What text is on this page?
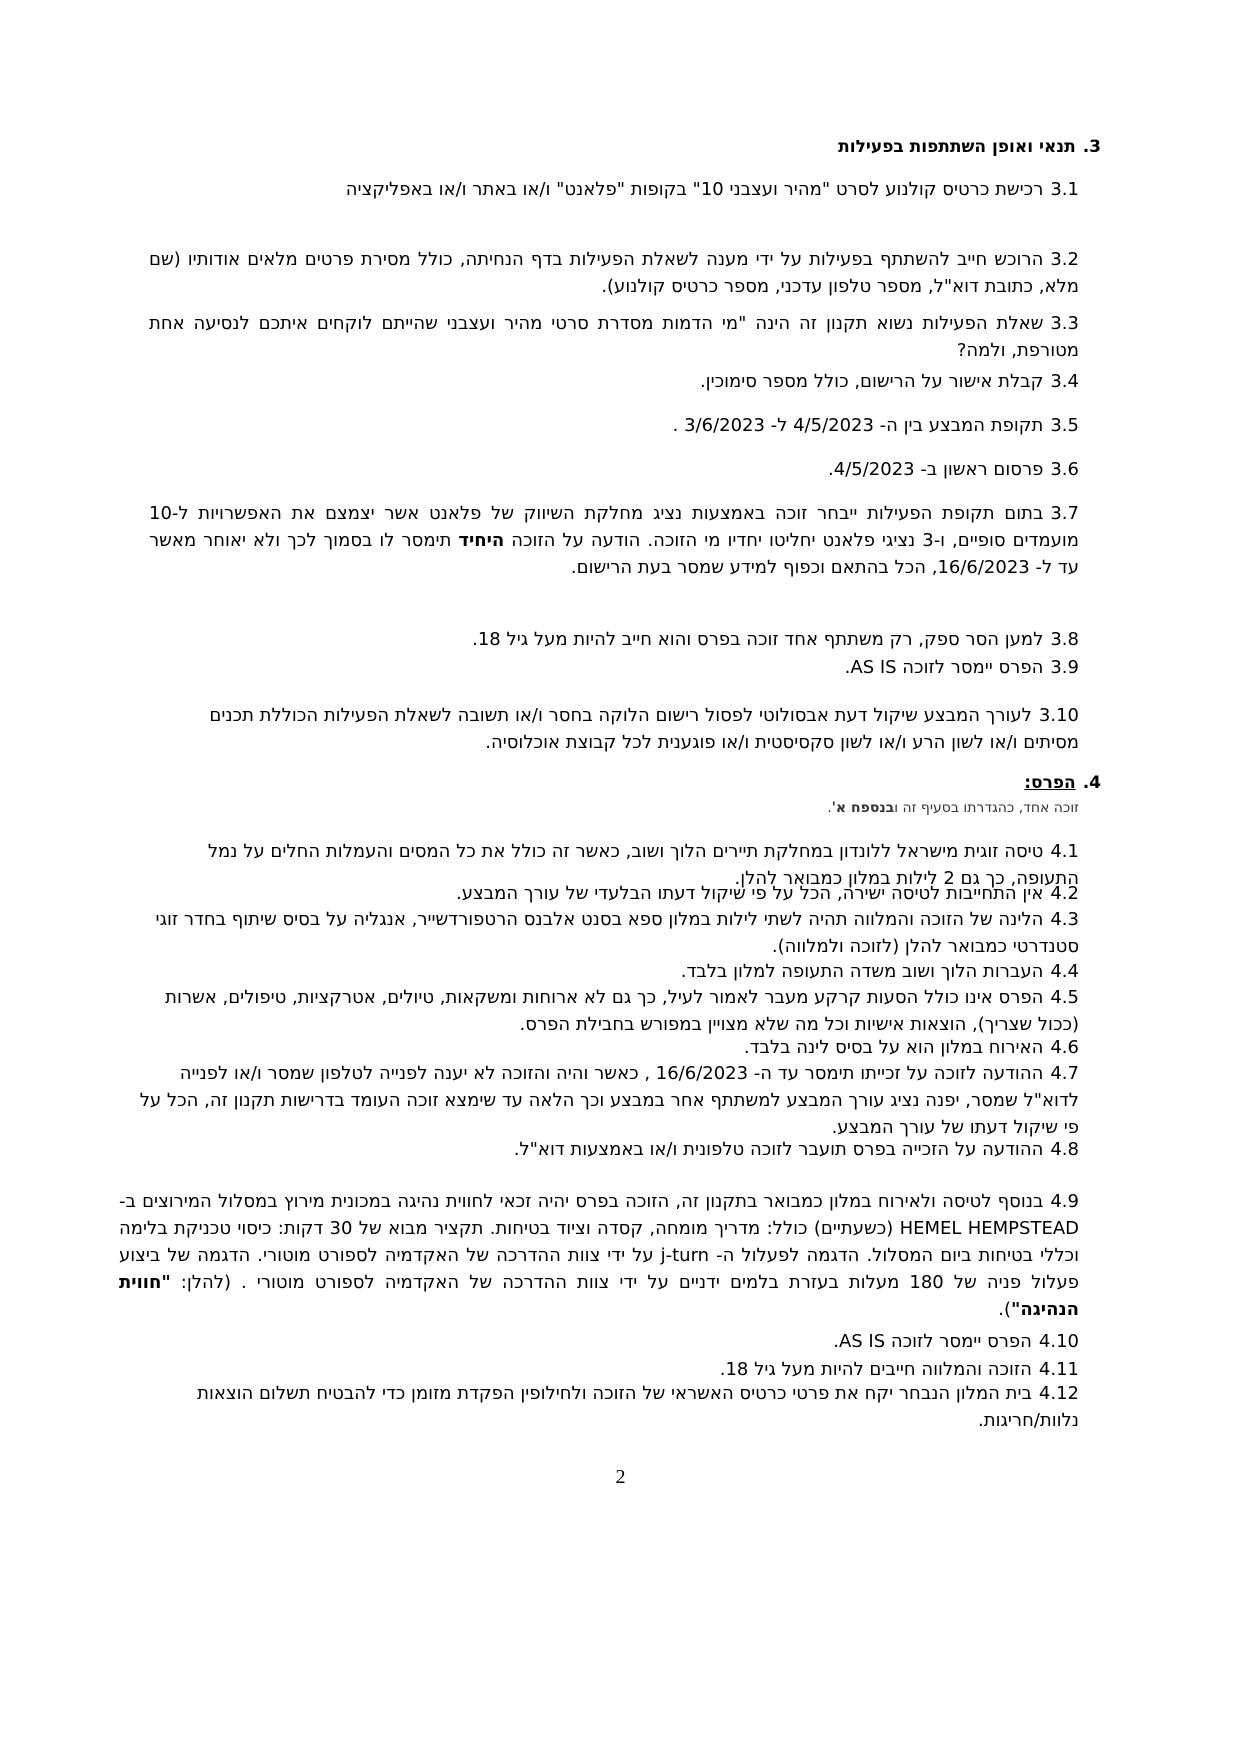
.3תנאי ואופן השתתפות בפעילות
3.1רכישת כרטיס קולנוע לסרט "מהיר ועצבני 10" בקופות "פלאנט" ו/או באתר ו/או באפליקציה
3.2הרוכש חייב להשתתף בפעילות על ידי מענה לשאלת הפעילות בדף הנחיתה, כולל מסירת פרטים מלאים אודותיו (שם מלא, כתובת דוא"ל, מספר טלפון עדכני, מספר כרטיס קולנוע).
3.3שאלת הפעילות נשוא תקנון זה הינה "מי הדמות מסדרת סרטי מהיר ועצבני שהייתם לוקחים איתכם לנסיעה אחת מטורפת, ולמה?
3.4קבלת אישור על הרישום, כולל מספר סימוכין.
3.5תקופת המבצע בין ה- 4/5/2023 ל- 3/6/2023 .
3.6פרסום ראשון ב- 4/5/2023.
3.7בתום תקופת הפעילות ייבחר זוכה באמצעות נציג מחלקת השיווק של פלאנט אשר יצמצם את האפשרויות ל-10 מועמדים סופיים, ו-3 נציגי פלאנט יחליטו יחדיו מי הזוכה. הודעה על הזוכה היחיד תימסר לו בסמוך לכך ולא יאוחר מאשר עד ל- 16/6/2023, הכל בהתאם וכפוף למידע שמסר בעת הרישום.
3.8למען הסר ספק, רק משתתף אחד זוכה בפרס והוא חייב להיות מעל גיל 18.
3.9הפרס יימסר לזוכה AS IS.
3.10לעורך המבצע שיקול דעת אבסולוטי לפסול רישום הלוקה בחסר ו/או תשובה לשאלת הפעילות הכוללת תכנים מסיתים ו/או לשון הרע ו/או לשון סקסיסטית ו/או פוגענית לכל קבוצת אוכלוסיה.
.4הפרס:
זוכה אחד, כהגדרתו בסעיף זה ובנספח א'.
4.1טיסה זוגית מישראל ללונדון במחלקת תיירים הלוך ושוב, כאשר זה כולל את כל המסים והעמלות החלים על נמל התעופה, כך גם 2 לילות במלון כמבואר להלן.
4.2אין התחייבות לטיסה ישירה, הכל על פי שיקול דעתו הבלעדי של עורך המבצע.
4.3הלינה של הזוכה והמלווה תהיה לשתי לילות במלון ספא בסנט אלבנס הרטפורדשייר, אנגליה על בסיס שיתוף בחדר זוגי סטנדרטי כמבואר להלן (לזוכה ולמלווה).
4.4העברות הלוך ושוב משדה התעופה למלון בלבד.
4.5הפרס אינו כולל הסעות קרקע מעבר לאמור לעיל, כך גם לא ארוחות ומשקאות, טיולים, אטרקציות, טיפולים, אשרות (ככול שצריך), הוצאות אישיות וכל מה שלא מצויין במפורש בחבילת הפרס.
4.6האירוח במלון הוא על בסיס לינה בלבד.
4.7ההודעה לזוכה על זכייתו תימסר עד ה- 16/6/2023 , כאשר והיה והזוכה לא יענה לפנייה לטלפון שמסר ו/או לפנייה לדוא"ל שמסר, יפנה נציג עורך המבצע למשתתף אחר במבצע וכך הלאה עד שימצא זוכה העומד בדרישות תקנון זה, הכל על פי שיקול דעתו של עורך המבצע.
4.8ההודעה על הזכייה בפרס תועבר לזוכה טלפונית ו/או באמצעות דוא"ל.
4.9בנוסף לטיסה ולאירוח במלון כמבואר בתקנון זה, הזוכה בפרס יהיה זכאי לחווית נהיגה במכונית מירוץ במסלול המירוצים ב- HEMEL HEMPSTEAD (כשעתיים) כולל: מדריך מומחה, קסדה וציוד בטיחות. תקציר מבוא של 30 דקות: כיסוי טכניקת בלימה וכללי בטיחות ביום המסלול. הדגמה לפעלול ה- j-turn על ידי צוות ההדרכה של האקדמיה לספורט מוטורי. הדגמה של ביצוע פעלול פניה של 180 מעלות בעזרת בלמים ידניים על ידי צוות ההדרכה של האקדמיה לספורט מוטורי . (להלן: "חווית הנהיגה").
4.10הפרס יימסר לזוכה AS IS.
4.11הזוכה והמלווה חייבים להיות מעל גיל 18.
4.12בית המלון הנבחר יקח את פרטי כרטיס האשראי של הזוכה ולחילופין הפקדת מזומן כדי להבטיח תשלום הוצאות נלוות/חריגות.
2
